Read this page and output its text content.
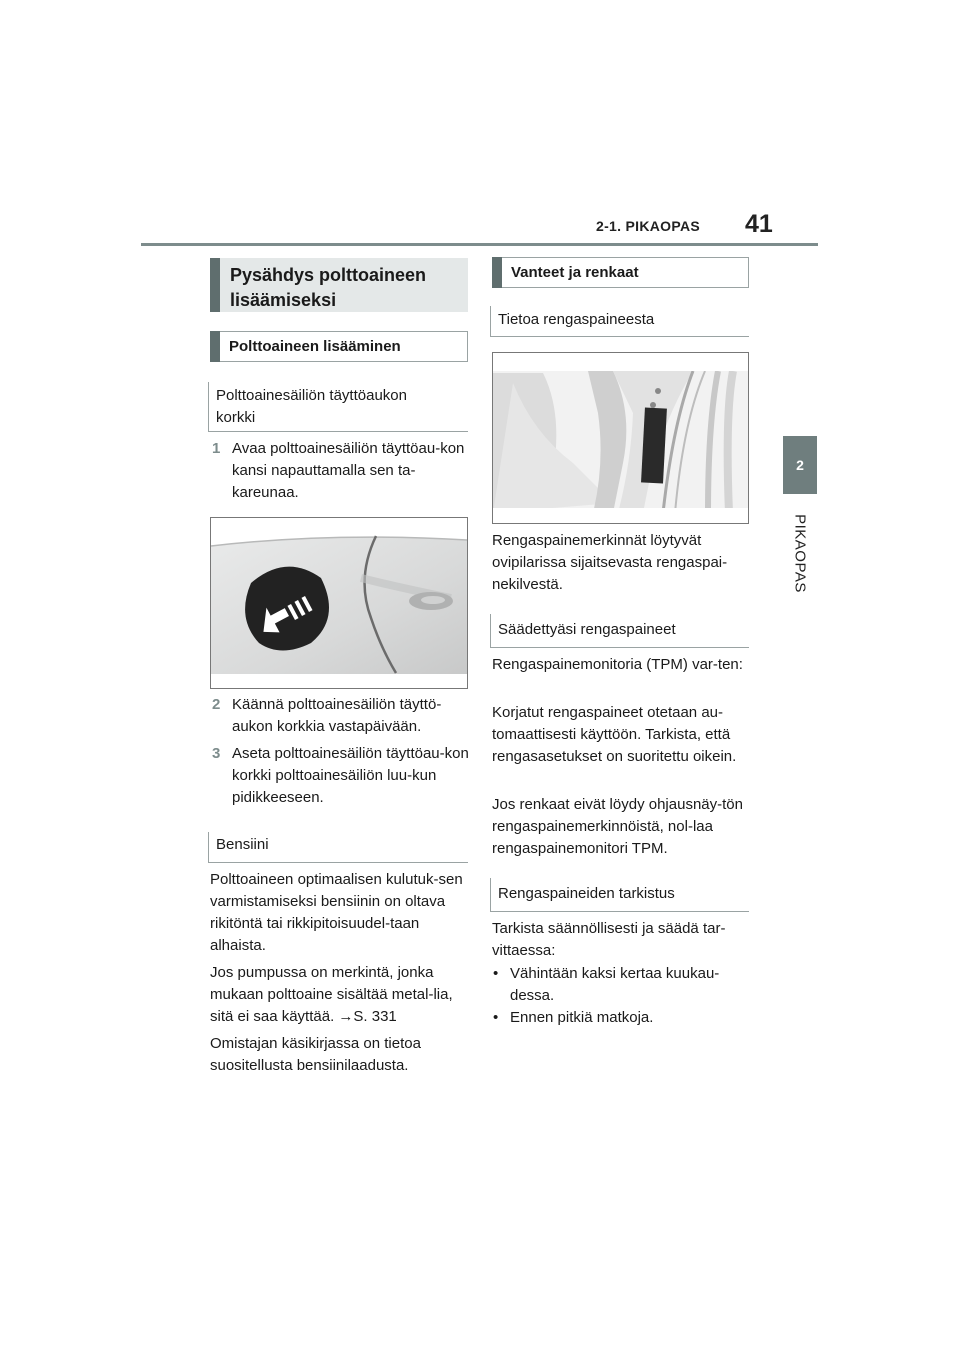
2-1. PIKAOPAS 41
2
PIKAOPAS
Pysähdys polttoaineen lisäämiseksi
Polttoaineen lisääminen
Polttoainesäiliön täyttöaukon korkki
1 Avaa polttoainesäiliön täyttöau-kon kansi napauttamalla sen ta-kareunaa.
2 Käännä polttoainesäiliön täyttö-aukon korkkia vastapäivään.
3 Aseta polttoainesäiliön täyttöau-kon korkki polttoainesäiliön luu-kun pidikkeeseen.
Bensiini
Polttoaineen optimaalisen kulutuk-sen varmistamiseksi bensiinin on oltava rikitöntä tai rikkipitoisuudel-taan alhaista.
Jos pumpussa on merkintä, jonka mukaan polttoaine sisältää metal-lia, sitä ei saa käyttää. →S. 331
Omistajan käsikirjassa on tietoa suositellusta bensiinilaadusta.
Vanteet ja renkaat
Tietoa rengaspaineesta
Rengaspainemerkinnät löytyvät ovipilarissa sijaitsevasta rengaspai-nekilvestä.
Säädettyäsi rengaspaineet
Rengaspainemonitoria (TPM) var-ten:
Korjatut rengaspaineet otetaan au-tomaattisesti käyttöön. Tarkista, että rengasasetukset on suoritettu oikein.
Jos renkaat eivät löydy ohjausnäy-tön rengaspainemerkinnöistä, nol-laa rengaspainemonitori TPM.
Rengaspaineiden tarkistus
Tarkista säännöllisesti ja säädä tar-vittaessa:
• Vähintään kaksi kertaa kuukau-dessa.
• Ennen pitkiä matkoja.
